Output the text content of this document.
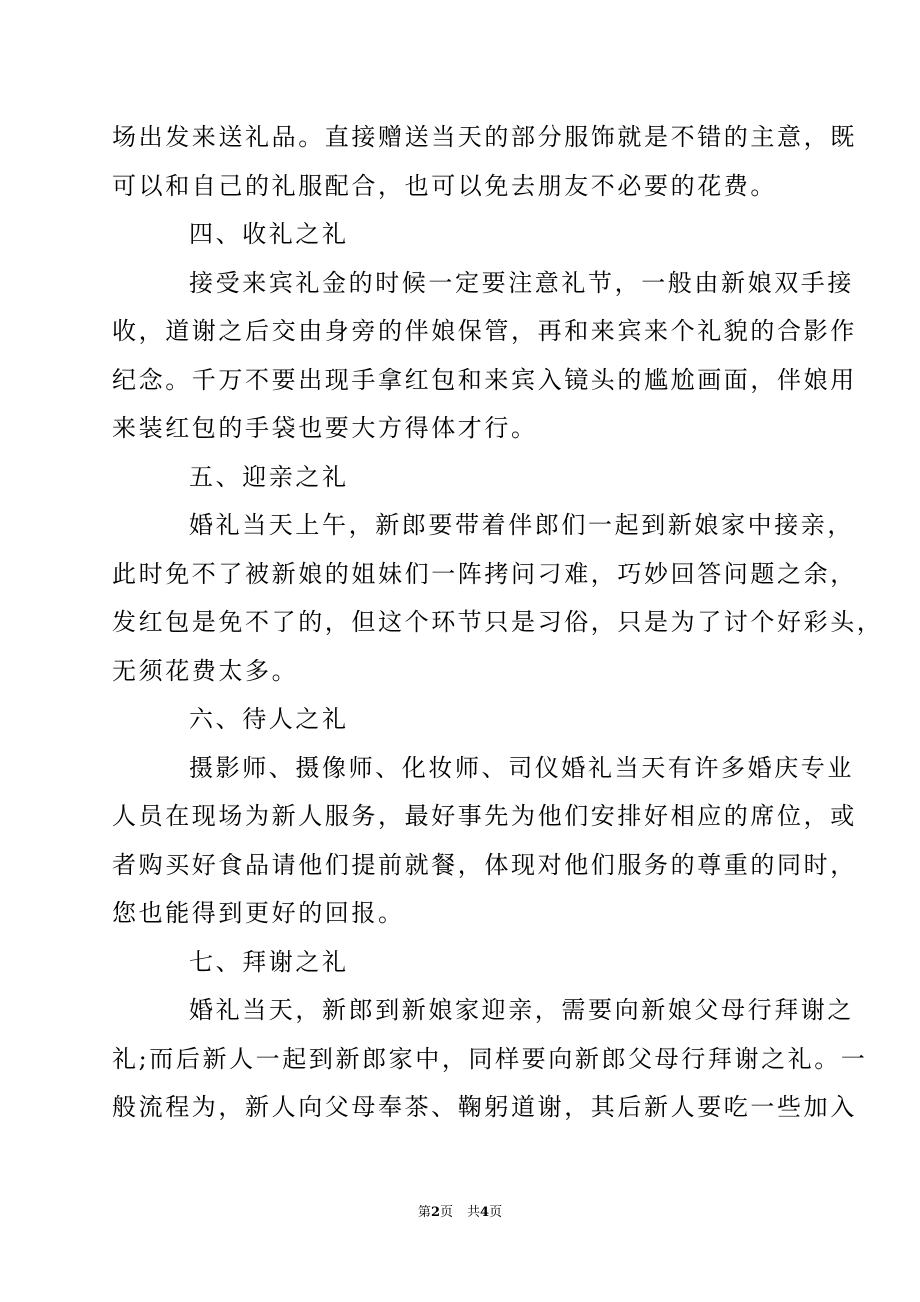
场出发来送礼品。直接赠送当天的部分服饰就是不错的主意，既
可以和自己的礼服配合，也可以免去朋友不必要的花费。
四、收礼之礼
接受来宾礼金的时候一定要注意礼节，一般由新娘双手接
收，道谢之后交由身旁的伴娘保管，再和来宾来个礼貌的合影作
纪念。千万不要出现手拿红包和来宾入镜头的尴尬画面，伴娘用
来装红包的手袋也要大方得体才行。
五、迎亲之礼
婚礼当天上午，新郎要带着伴郎们一起到新娘家中接亲，
此时免不了被新娘的姐妹们一阵拷问刁难，巧妙回答问题之余，
发红包是免不了的，但这个环节只是习俗，只是为了讨个好彩头，
无须花费太多。
六、待人之礼
摄影师、摄像师、化妆师、司仪婚礼当天有许多婚庆专业
人员在现场为新人服务，最好事先为他们安排好相应的席位，或
者购买好食品请他们提前就餐，体现对他们服务的尊重的同时，
您也能得到更好的回报。
七、拜谢之礼
婚礼当天，新郎到新娘家迎亲，需要向新娘父母行拜谢之
礼;而后新人一起到新郎家中，同样要向新郎父母行拜谢之礼。一
般流程为，新人向父母奉茶、鞠躬道谢，其后新人要吃一些加入
第2页 共4页
